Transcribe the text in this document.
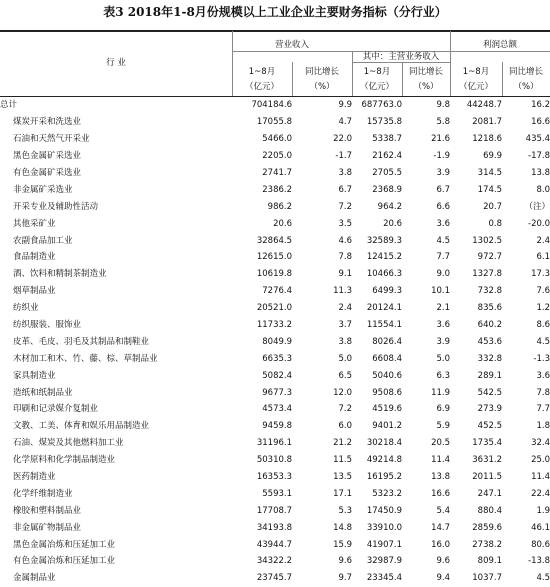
表3 2018年1-8月份规模以上工业企业主要财务指标（分行业）
行 业
营业收入
其中：主营业务收入
利润总额
1~8月
（亿元）
同比增长
（%）
1~8月
（亿元）
同比增长
（%）
1~8月
（亿元）
同比增长
（%）
总计	704184.6	9.9	687763.0	9.8	44248.7	16.2
煤炭开采和洗选业	17055.8	4.7	15735.8	5.8	2081.7	16.6
石油和天然气开采业	5466.0	22.0	5338.7	21.6	1218.6	435.4
黑色金属矿采选业	2205.0	-1.7	2162.4	-1.9	69.9	-17.8
有色金属矿采选业	2741.7	3.8	2705.5	3.9	314.5	13.8
非金属矿采选业	2386.2	6.7	2368.9	6.7	174.5	8.0
开采专业及辅助性活动	986.2	7.2	964.2	6.6	20.7	（注）
其他采矿业	20.6	3.5	20.6	3.6	0.8	-20.0
农副食品加工业	32864.5	4.6	32589.3	4.5	1302.5	2.4
食品制造业	12615.0	7.8	12415.2	7.7	972.7	6.1
酒、饮料和精制茶制造业	10619.8	9.1	10466.3	9.0	1327.8	17.3
烟草制品业	7276.4	11.3	6499.3	10.1	732.8	7.6
纺织业	20521.0	2.4	20124.1	2.1	835.6	1.2
纺织服装、服饰业	11733.2	3.7	11554.1	3.6	640.2	8.6
皮革、毛皮、羽毛及其制品和制鞋业	8049.9	3.8	8026.4	3.9	453.6	4.5
木材加工和木、竹、藤、棕、草制品业	6635.3	5.0	6608.4	5.0	332.8	-1.3
家具制造业	5082.4	6.5	5040.6	6.3	289.1	3.6
造纸和纸制品业	9677.3	12.0	9508.6	11.9	542.5	7.8
印刷和记录媒介复制业	4573.4	7.2	4519.6	6.9	273.9	7.7
文教、工美、体育和娱乐用品制造业	9459.8	6.0	9401.2	5.9	452.5	1.8
石油、煤炭及其他燃料加工业	31196.1	21.2	30218.4	20.5	1735.4	32.4
化学原料和化学制品制造业	50310.8	11.5	49214.8	11.4	3631.2	25.0
医药制造业	16353.3	13.5	16195.2	13.8	2011.5	11.4
化学纤维制造业	5593.1	17.1	5323.2	16.6	247.1	22.4
橡胶和塑料制品业	17708.7	5.3	17450.9	5.4	880.4	1.9
非金属矿物制品业	34193.8	14.8	33910.0	14.7	2859.6	46.1
黑色金属冶炼和压延加工业	43944.7	15.9	41907.1	16.0	2738.2	80.6
有色金属冶炼和压延加工业	34322.2	9.6	32987.9	9.6	809.1	-13.8
金属制品业	23745.7	9.7	23345.4	9.4	1037.7	4.5
